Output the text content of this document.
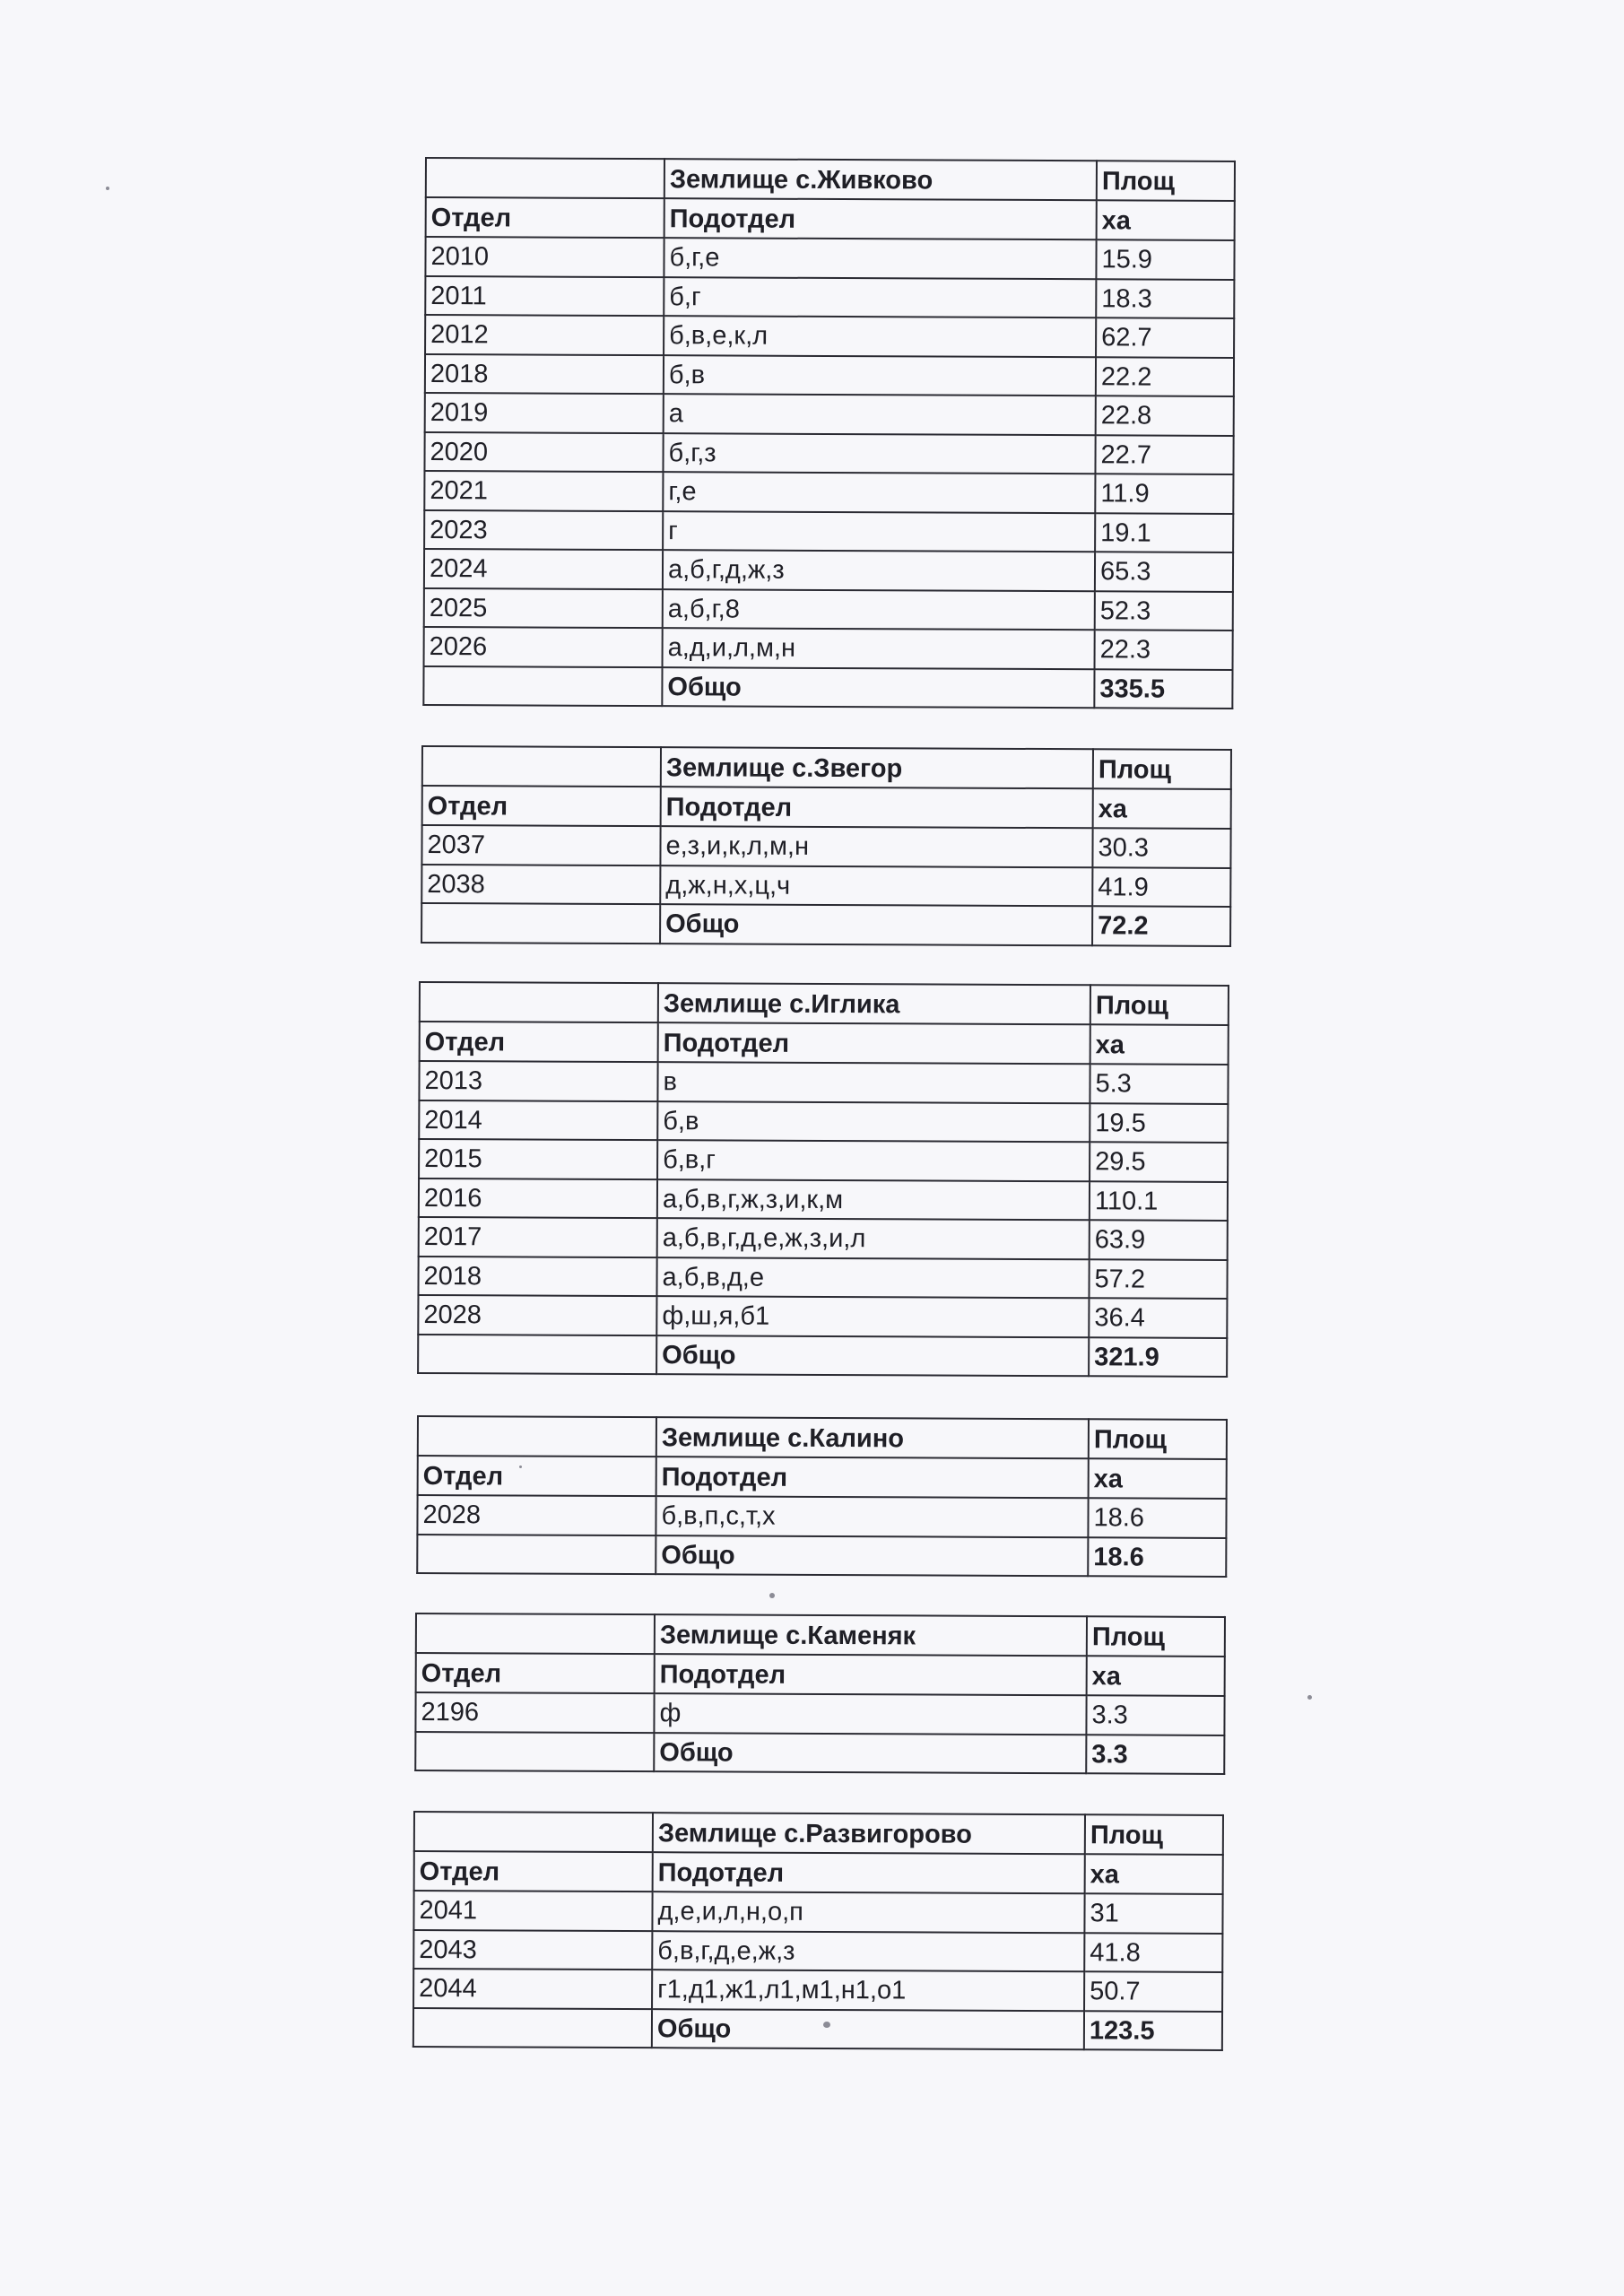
	Землище с.Живково	Площ
Отдел	Подотдел	ха
2010	б,г,е	15.9
2011	б,г	18.3
2012	б,в,е,к,л	62.7
2018	б,в	22.2
2019	а	22.8
2020	б,г,з	22.7
2021	г,е	11.9
2023	г	19.1
2024	а,б,г,д,ж,з	65.3
2025	а,б,г,8	52.3
2026	а,д,и,л,м,н	22.3
	Общо	335.5
	Землище с.Звегор	Площ
Отдел	Подотдел	ха
2037	е,з,и,к,л,м,н	30.3
2038	д,ж,н,х,ц,ч	41.9
	Общо	72.2
	Землище с.Иглика	Площ
Отдел	Подотдел	ха
2013	в	5.3
2014	б,в	19.5
2015	б,в,г	29.5
2016	а,б,в,г,ж,з,и,к,м	110.1
2017	а,б,в,г,д,е,ж,з,и,л	63.9
2018	а,б,в,д,е	57.2
2028	ф,ш,я,б1	36.4
	Общо	321.9
	Землище с.Калино	Площ
Отдел	Подотдел	ха
2028	б,в,п,с,т,х	18.6
	Общо	18.6
	Землище с.Каменяк	Площ
Отдел	Подотдел	ха
2196	ф	3.3
	Общо	3.3
	Землище с.Развигорово	Площ
Отдел	Подотдел	ха
2041	д,е,и,л,н,о,п	31
2043	б,в,г,д,е,ж,з	41.8
2044	г1,д1,ж1,л1,м1,н1,о1	50.7
	Общо	123.5
